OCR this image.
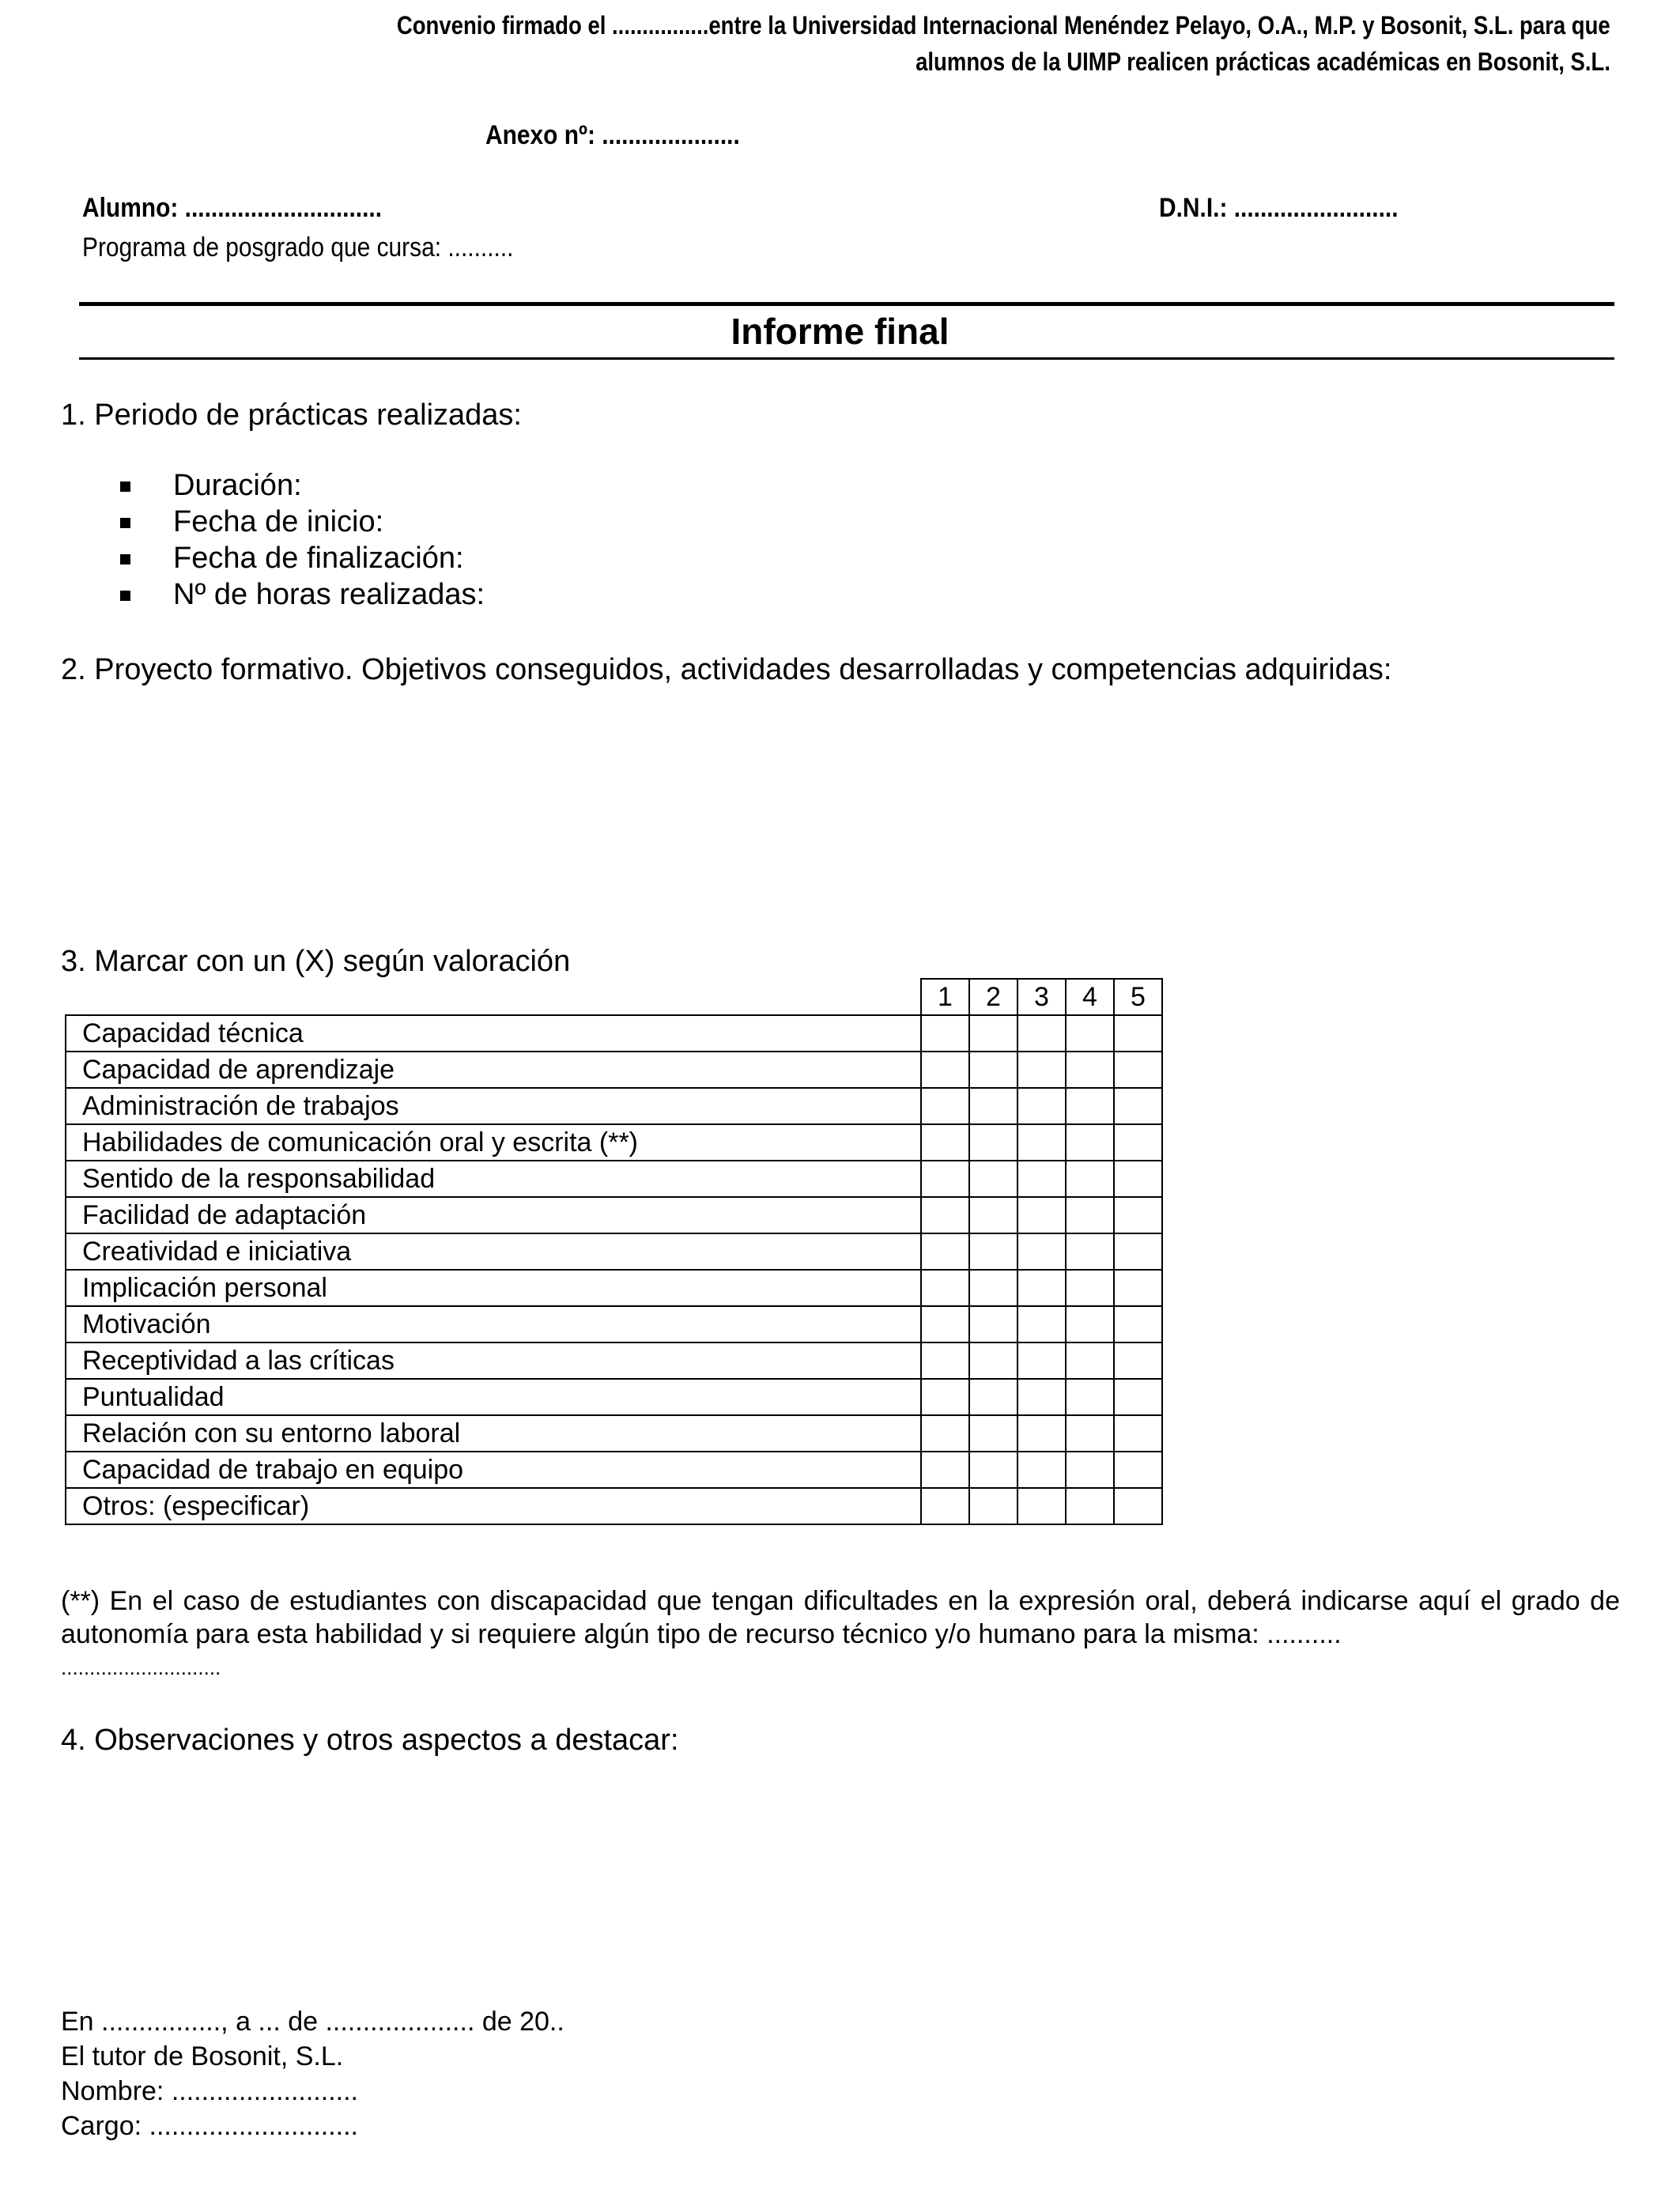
Convenio firmado el ................entre la Universidad Internacional Menéndez Pelayo, O.A., M.P. y Bosonit, S.L. para que
alumnos de la UIMP realicen prácticas académicas en Bosonit, S.L.
Anexo nº: .....................
Alumno: ..............................	D.N.I.: .........................
Programa de posgrado que cursa: ..........
Informe final
1. Periodo de prácticas realizadas:
Duración:
Fecha de inicio:
Fecha de finalización:
Nº de horas realizadas:
2. Proyecto formativo. Objetivos conseguidos, actividades desarrolladas y competencias adquiridas:
3. Marcar con un (X) según valoración
	1	2	3	4	5
Capacidad técnica					
Capacidad de aprendizaje					
Administración de trabajos					
Habilidades de comunicación oral y escrita (**)					
Sentido de la responsabilidad					
Facilidad de adaptación					
Creatividad e iniciativa					
Implicación personal					
Motivación					
Receptividad a las críticas					
Puntualidad					
Relación con su entorno laboral					
Capacidad de trabajo en equipo					
Otros: (especificar)					
(**) En el caso de estudiantes con discapacidad que tengan dificultades en la expresión oral, deberá indicarse aquí el grado de autonomía para esta habilidad y si requiere algún tipo de recurso técnico y/o humano para la misma: ..........
............................
4. Observaciones y otros aspectos a destacar:
En ................, a ... de .................... de 20..
El tutor de Bosonit, S.L.
Nombre: .........................
Cargo: ............................
